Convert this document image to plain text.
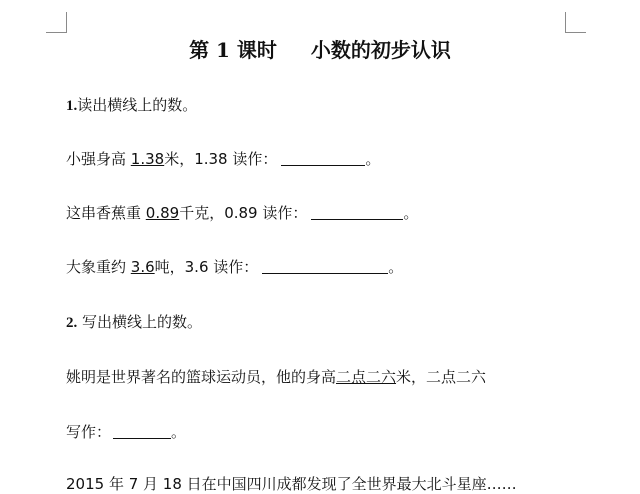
第 1 课时 小数的初步认识
1.读出横线上的数。
小强身高 1.38米，1.38 读作：	。
这串香蕉重 0.89千克，0.89 读作：	。
大象重约 3.6吨，3.6 读作：	。
2. 写出横线上的数。
姚明是世界著名的篮球运动员，他的身高二点二六米，二点二六
写作：	。
2015 年 7 月 18 日在中国四川成都发现了全世界最大北斗星座……
